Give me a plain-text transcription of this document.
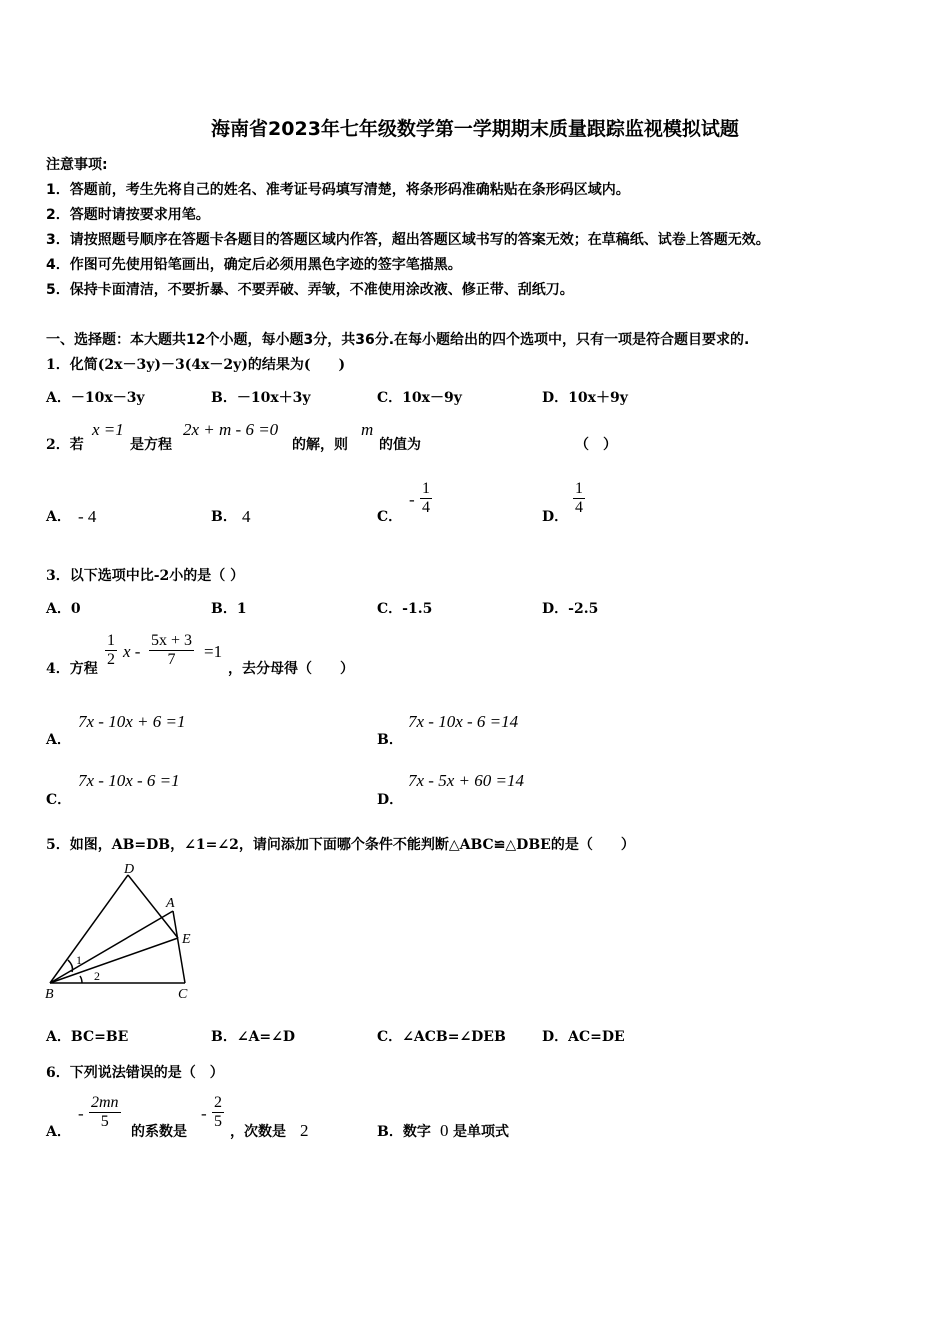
海南省2023年七年级数学第一学期期末质量跟踪监视模拟试题
注意事项:
1．答题前，考生先将自己的姓名、准考证号码填写清楚，将条形码准确粘贴在条形码区域内。
2．答题时请按要求用笔。
3．请按照题号顺序在答题卡各题目的答题区域内作答，超出答题区域书写的答案无效；在草稿纸、试卷上答题无效。
4．作图可先使用铅笔画出，确定后必须用黑色字迹的签字笔描黑。
5．保持卡面清洁，不要折暴、不要弄破、弄皱，不准使用涂改液、修正带、刮纸刀。
一、选择题：本大题共12个小题，每小题3分，共36分.在每小题给出的四个选项中，只有一项是符合题目要求的.
1．化简(2x－3y)－3(4x－2y)的结果为(　　)
A．－10x－3y	B．－10x＋3y	C．10x－9y	D．10x＋9y
2．若
x =1
是方程
2x + m - 6 =0
的解，则
m
的值为	（　）
A． - 4	B． 4	C．
- $\frac{1}{4}$	D． $\frac{1}{4}$
3．以下选项中比-2小的是（ ）
A．0	B．1	C．-1.5	D．-2.5
4．方程 $\frac{1}{2}$ $x - \frac{5x + 3}{7} =1$
，去分母得（　　）
A．
7x - 10x + 6 =1
B．
7x - 10x - 6 =14
C．
7x - 10x - 6 =1
D．
7x - 5x + 60 =14
5．如图，AB=DB，∠1=∠2，请问添加下面哪个条件不能判断△ABC≌△DBE的是（　　）
D
A
E
B	C
1
2
A．BC=BE	B．∠A=∠D	C．∠ACB=∠DEB	D．AC=DE
6．下列说法错误的是（　）
A．
- $\frac{2mn}{5}$
的系数是
- $\frac{2}{5}$
，次数是 2	B．数字 0 是单项式
